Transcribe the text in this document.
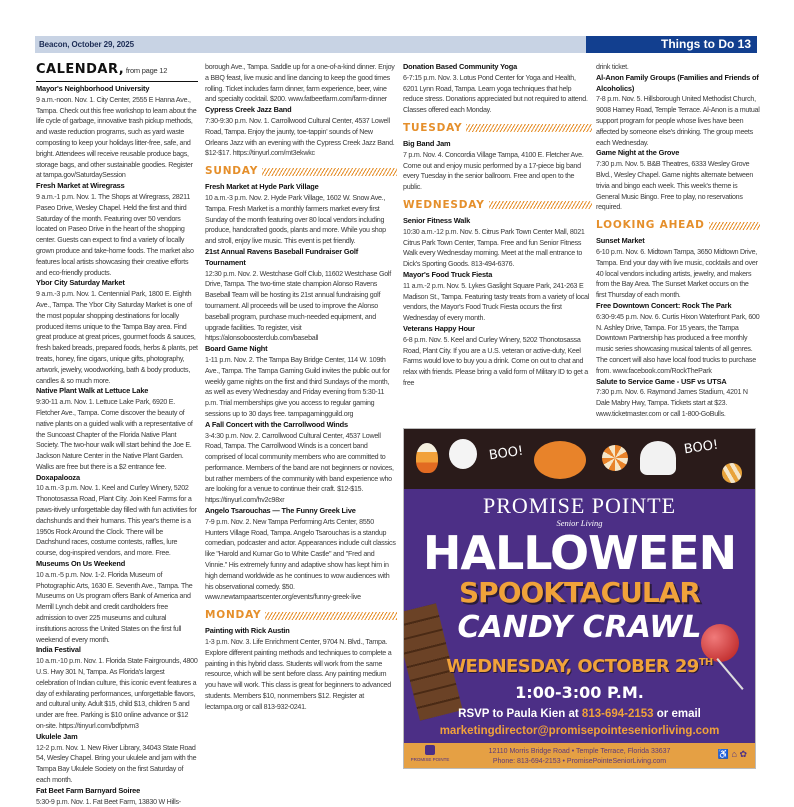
Beacon, October 29, 2025	Things to Do 13
CALENDAR, from page 12
Mayor's Neighborhood University
9 a.m.-noon. Nov. 1. City Center, 2555 E Hanna Ave., Tampa. Check out this free workshop to learn about the life cycle of garbage, innovative trash pickup methods, and waste reduction programs, such as yard waste composting to keep your holidays litter-free, safe, and bright. Attendees will receive reusable produce bags, storage bags, and other sustainable goodies. Register at tampa.gov/SaturdaySession
Fresh Market at Wiregrass
9 a.m.-1 p.m. Nov. 1. The Shops at Wiregrass, 28211 Paseo Drive, Wesley Chapel. Held the first and third Saturday of the month. Featuring over 50 vendors located on Paseo Drive in the heart of the shopping center. Guests can expect to find a variety of locally grown produce and take-home foods. The market also features local artists showcasing their creative efforts and eco-friendly products.
Ybor City Saturday Market
9 a.m.-3 p.m. Nov. 1. Centennial Park, 1800 E. Eighth Ave., Tampa. The Ybor City Saturday Market is one of the most popular shopping destinations for locally produced items unique to the Tampa Bay area. Find great produce at great prices, gourmet foods & sauces, fresh baked breads, prepared foods, herbs & plants, pet treats, honey, fine cigars, unique gifts, photography, artwork, jewelry, woodworking, bath & body products, candles & so much more.
Native Plant Walk at Lettuce Lake
9:30-11 a.m. Nov. 1. Lettuce Lake Park, 6920 E. Fletcher Ave., Tampa. Come discover the beauty of native plants on a guided walk with a representative of the Suncoast Chapter of the Florida Native Plant Society. The two-hour walk will start behind the Joe E. Jackson Nature Center in the Native Plant Garden. Walks are free but there is a $2 entrance fee.
Doxapalooza
10 a.m.-3 p.m. Nov. 1. Keel and Curley Winery, 5202 Thonotosassa Road, Plant City. Join Keel Farms for a paws-itively unforgettable day filled with fun activities for dachshunds and their humans. This year's theme is a 1950s Rock Around the Clock. There will be Dachshund races, costume contests, raffles, lure course, dog-inspired vendors, and more. Free.
Museums On Us Weekend
10 a.m.-5 p.m. Nov. 1-2. Florida Museum of Photographic Arts, 1630 E. Seventh Ave., Tampa. The Museums on Us program offers Bank of America and Merrill Lynch debit and credit cardholders free admission to over 225 museums and cultural institutions across the United States on the first full weekend of every month.
India Festival
10 a.m.-10 p.m. Nov. 1. Florida State Fairgrounds, 4800 U.S. Hwy 301 N, Tampa. As Florida's largest celebration of Indian culture, this iconic event features a day of exhilarating performances, unforgettable flavors, and cultural unity. Adult $15, child $13, children 5 and under are free. Parking is $10 online advance or $12 on-site. https://tinyurl.com/bdfptvm3
Ukulele Jam
12-2 p.m. Nov. 1. New River Library, 34043 State Road 54, Wesley Chapel. Bring your ukulele and jam with the Tampa Bay Ukulele Society on the first Saturday of each month.
Fat Beet Farm Barnyard Soiree
5:30-9 p.m. Nov. 1. Fat Beet Farm, 13830 W Hills-
borough Ave., Tampa. Saddle up for a one-of-a-kind dinner. Enjoy a BBQ feast, live music and line dancing to keep the good times rolling. Ticket includes farm dinner, farm experience, beer, wine and specialty cocktail. $200. www.fatbeetfarm.com/farm-dinner
Cypress Creek Jazz Band
7:30-9:30 p.m. Nov. 1. Carrollwood Cultural Center, 4537 Lowell Road, Tampa. Enjoy the jaunty, toe-tappin' sounds of New Orleans Jazz with an evening with the Cypress Creek Jazz Band. $12-$17. https://tinyurl.com/mt3ekwkc
SUNDAY
Fresh Market at Hyde Park Village
10 a.m.-3 p.m. Nov. 2. Hyde Park Village, 1602 W. Snow Ave., Tampa. Fresh Market is a monthly farmers market every first Sunday of the month featuring over 80 local vendors including produce, handcrafted goods, plants and more. While you shop and stroll, enjoy live music. This event is pet friendly.
21st Annual Ravens Baseball Fundraiser Golf Tournament
12:30 p.m. Nov. 2. Westchase Golf Club, 11602 Westchase Golf Drive, Tampa. The two-time state champion Alonso Ravens Baseball Team will be hosting its 21st annual fundraising golf tournament. All proceeds will be used to improve the Alonso baseball program, purchase much-needed equipment, and upgrade facilities. To register, visit https://alonsoboosterclub.com/baseball
Board Game Night
1-11 p.m. Nov. 2. The Tampa Bay Bridge Center, 114 W. 109th Ave., Tampa. The Tampa Gaming Guild invites the public out for weekly game nights on the first and third Sundays of the month, as well as every Wednesday and Friday evening from 5:30-11 p.m. Trial memberships give you access to regular gaming sessions up to 30 days free. tampagamingguild.org
A Fall Concert with the Carrollwood Winds
3-4:30 p.m. Nov. 2. Carrollwood Cultural Center, 4537 Lowell Road, Tampa. The Carrollwood Winds is a concert band comprised of local community members who are committed to performance. Members of the band are not beginners or novices, but rather members of the community with band experience who are looking for a venue to continue their craft. $12-$15. https://tinyurl.com/hv2c98xr
Angelo Tsarouchas — The Funny Greek Live
7-9 p.m. Nov. 2. New Tampa Performing Arts Center, 8550 Hunters Village Road, Tampa. Angelo Tsarouchas is a standup comedian, podcaster and actor. Appearances include cult classics like "Harold and Kumar Go to White Castle" and "Fred and Vinnie." His extremely funny and adaptive show has kept him in high demand worldwide as he continues to wow audiences with his observational comedy. $50. www.newtampaartscenter.org/events/funny-greek-live
MONDAY
Painting with Rick Austin
1-3 p.m. Nov. 3. Life Enrichment Center, 9704 N. Blvd., Tampa. Explore different painting methods and techniques to complete a painting in this hybrid class. Students will work from the same resource, which will be sent before class. Any painting medium you have will work. This class is great for beginners to advanced students. Members $10, nonmembers $12. Register at lectampa.org or call 813-932-0241.
Donation Based Community Yoga
6-7:15 p.m. Nov. 3. Lotus Pond Center for Yoga and Health, 6201 Lynn Road, Tampa. Learn yoga techniques that help reduce stress. Donations appreciated but not required to attend. Classes offered each Monday.
TUESDAY
Big Band Jam
7 p.m. Nov. 4. Concordia Village Tampa, 4100 E. Fletcher Ave. Come out and enjoy music performed by a 17-piece big band every Tuesday in the senior ballroom. Free and open to the public.
WEDNESDAY
Senior Fitness Walk
10:30 a.m.-12 p.m. Nov. 5. Citrus Park Town Center Mall, 8021 Citrus Park Town Center, Tampa. Free and fun Senior Fitness Walk every Wednesday morning. Meet at the mall entrance to Dick's Sporting Goods. 813-494-6376.
Mayor's Food Truck Fiesta
11 a.m.-2 p.m. Nov. 5. Lykes Gaslight Square Park, 241-263 E Madison St., Tampa. Featuring tasty treats from a variety of local vendors, the Mayor's Food Truck Fiesta occurs the first Wednesday of every month.
Veterans Happy Hour
6-8 p.m. Nov. 5. Keel and Curley Winery, 5202 Thonotosassa Road, Plant City. If you are a U.S. veteran or active-duty, Keel Farms would love to buy you a drink. Come on out to chat and relax with friends. Please bring a valid form of Military ID to get a free
drink ticket.
Al-Anon Family Groups (Families and Friends of Alcoholics)
7-8 p.m. Nov. 5. Hillsborough United Methodist Church, 9008 Harney Road, Temple Terrace. Al-Anon is a mutual support program for people whose lives have been affected by someone else's drinking. The group meets each Wednesday.
Game Night at the Grove
7:30 p.m. Nov. 5. B&B Theatres, 6333 Wesley Grove Blvd., Wesley Chapel. Game nights alternate between trivia and bingo each week. This week's theme is General Music Bingo. Free to play, no reservations required.
LOOKING AHEAD
Sunset Market
6-10 p.m. Nov. 6. Midtown Tampa, 3650 Midtown Drive, Tampa. End your day with live music, cocktails and over 40 local vendors including artists, jewelry, and makers from the Bay Area. The Sunset Market occurs on the first Thursday of each month.
Free Downtown Concert: Rock The Park
6:30-9:45 p.m. Nov. 6. Curtis Hixon Waterfront Park, 600 N. Ashley Drive, Tampa. For 15 years, the Tampa Downtown Partnership has produced a free monthly music series showcasing musical talents of all genres. The concert will also have local food trucks to purchase from. www.facebook.com/RockThePark
Salute to Service Game - USF vs UTSA
7:30 p.m. Nov. 6. Raymond James Stadium, 4201 N Dale Mabry Hwy, Tampa. Tickets start at $23. www.ticketmaster.com or call 1-800-GoBulls.
BOO!	BOO!
PROMISE POINTE
Senior Living
HALLOWEEN
SPOOKTACULAR
CANDY CRAWL
WEDNESDAY, OCTOBER 29TH
1:00-3:00 P.M.
RSVP to Paula Kien at 813-694-2153 or email
marketingdirector@promisepointeseniorliving.com
PROMISE POINTE
12110 Morris Bridge Road • Temple Terrace, Florida 33637
Phone: 813-694-2153 • PromisePointeSeniorLiving.com
♿ ⌂ ✿
